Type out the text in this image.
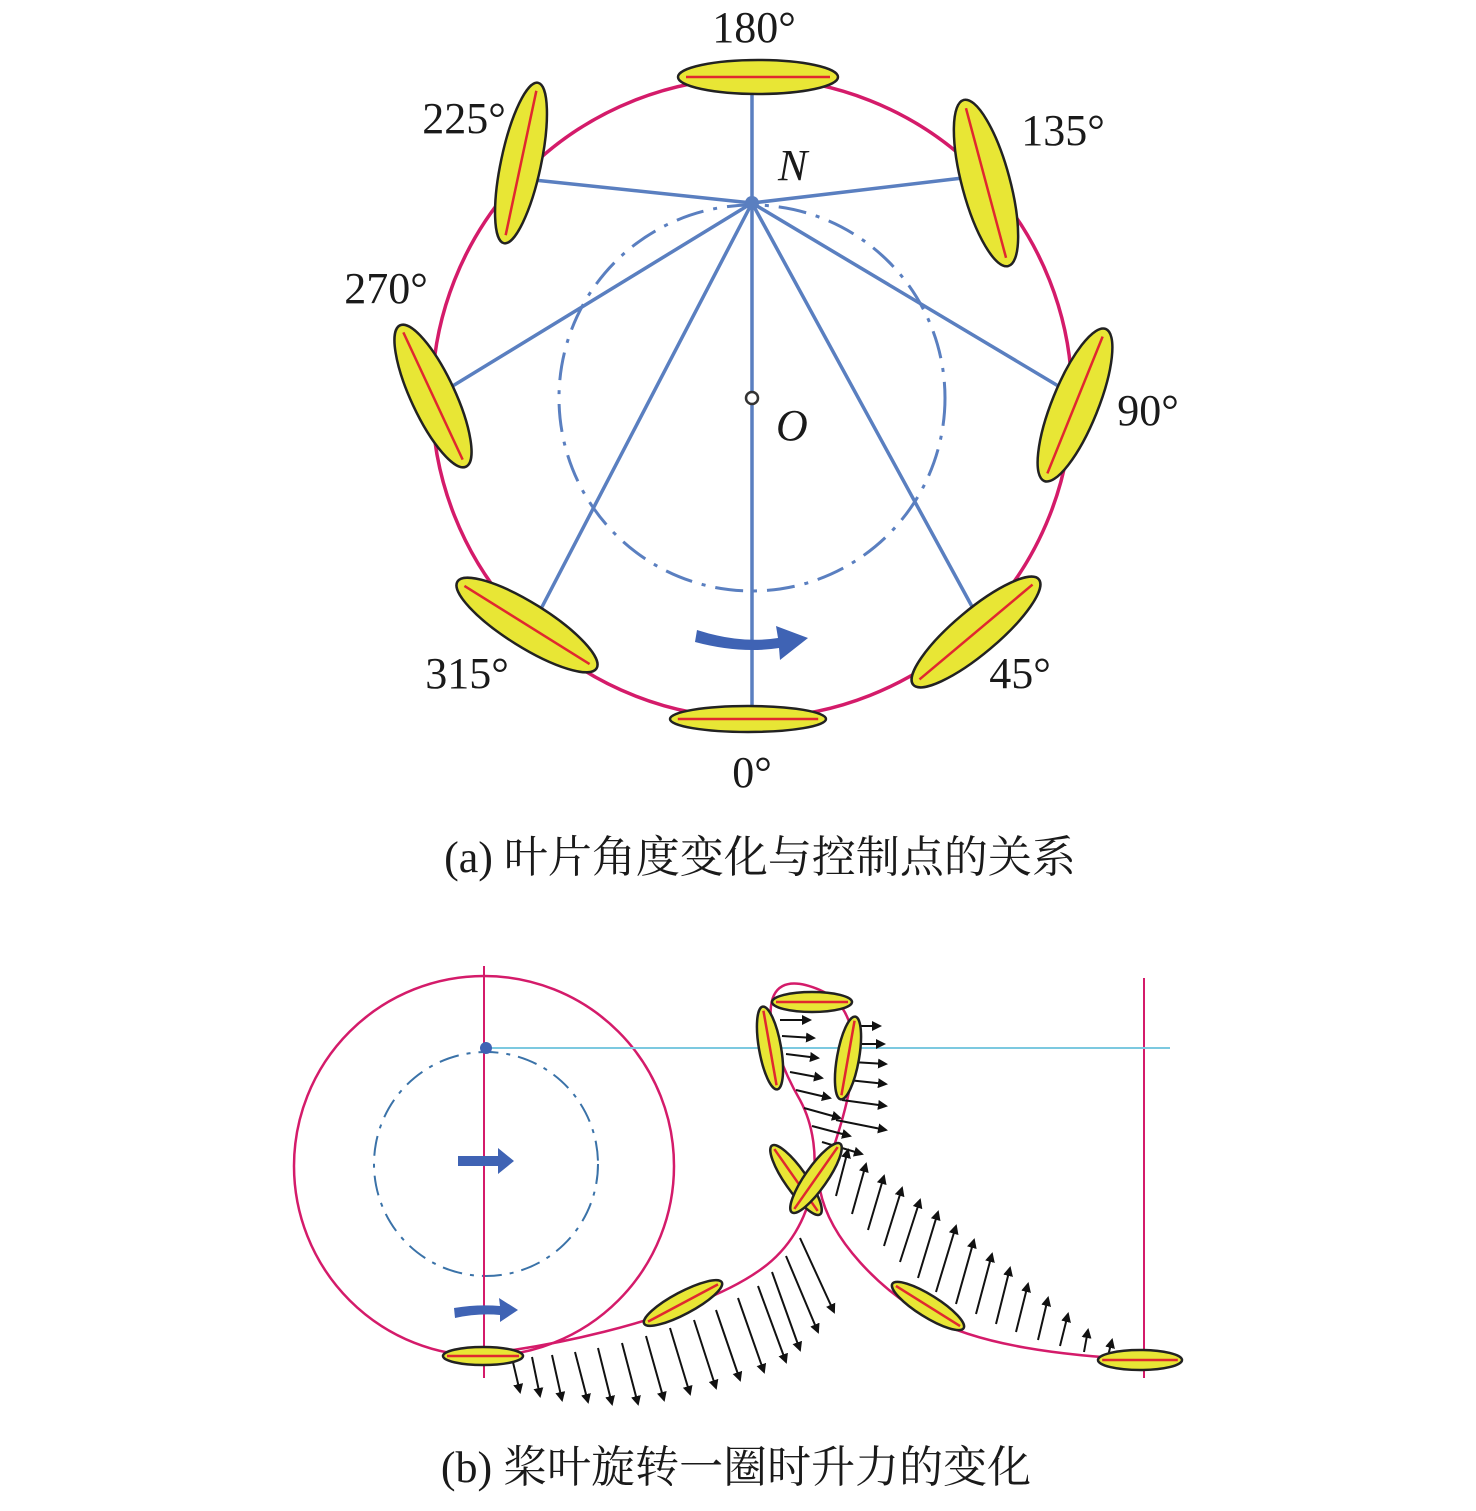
0°
45°
90°
135°
180°
225°
270°
315°
N
O
(a) 叶片角度变化与控制点的关系
(b) 桨叶旋转一圈时升力的变化
